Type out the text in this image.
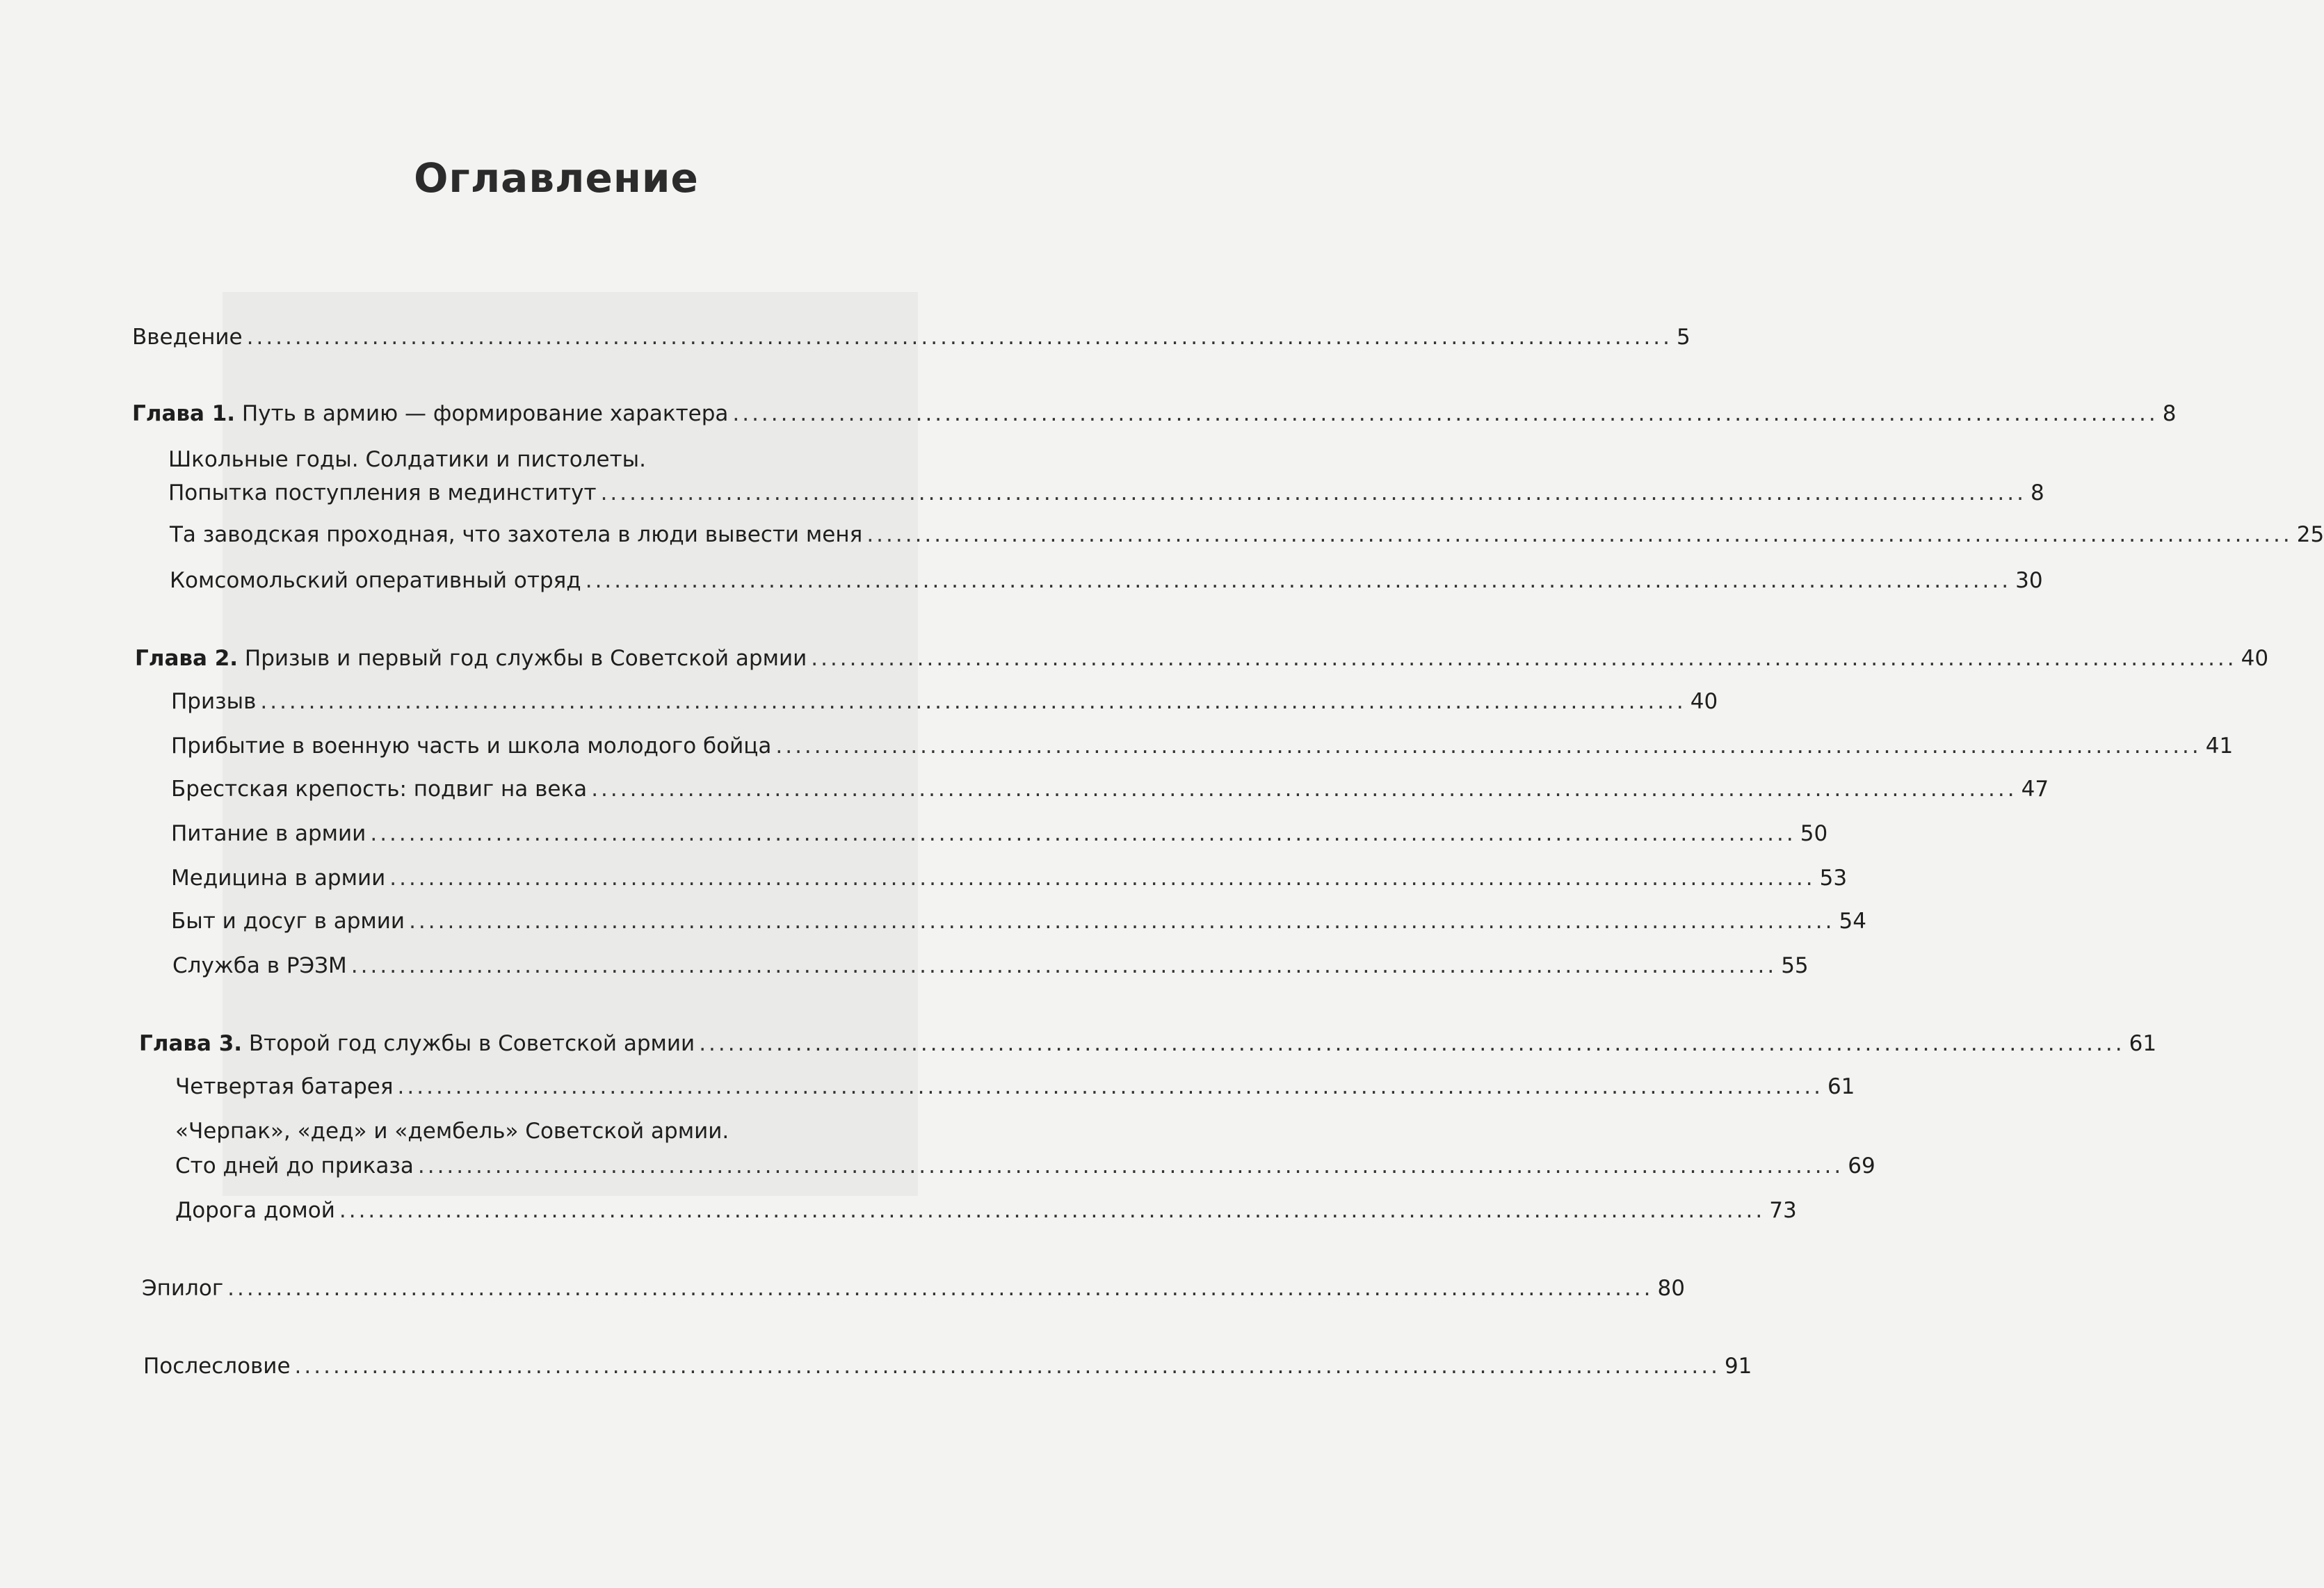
Оглавление
Введение .................................................................................................................................................... 5
Глава 1. Путь в армию — формирование характера .................................................................................................................................................... 8
Школьные годы. Солдатики и пистолеты.
Попытка поступления в мединститут .................................................................................................................................................... 8
Та заводская проходная, что захотела в люди вывести меня .................................................................................................................................................... 25
Комсомольский оперативный отряд .................................................................................................................................................... 30
Глава 2. Призыв и первый год службы в Советской армии .................................................................................................................................................... 40
Призыв .................................................................................................................................................... 40
Прибытие в военную часть и школа молодого бойца .................................................................................................................................................... 41
Брестская крепость: подвиг на века .................................................................................................................................................... 47
Питание в армии .................................................................................................................................................... 50
Медицина в армии .................................................................................................................................................... 53
Быт и досуг в армии .................................................................................................................................................... 54
Служба в РЭЗМ .................................................................................................................................................... 55
Глава 3. Второй год службы в Советской армии .................................................................................................................................................... 61
Четвертая батарея .................................................................................................................................................... 61
«Черпак», «дед» и «дембель» Советской армии.
Сто дней до приказа .................................................................................................................................................... 69
Дорога домой .................................................................................................................................................... 73
Эпилог .................................................................................................................................................... 80
Послесловие .................................................................................................................................................... 91
